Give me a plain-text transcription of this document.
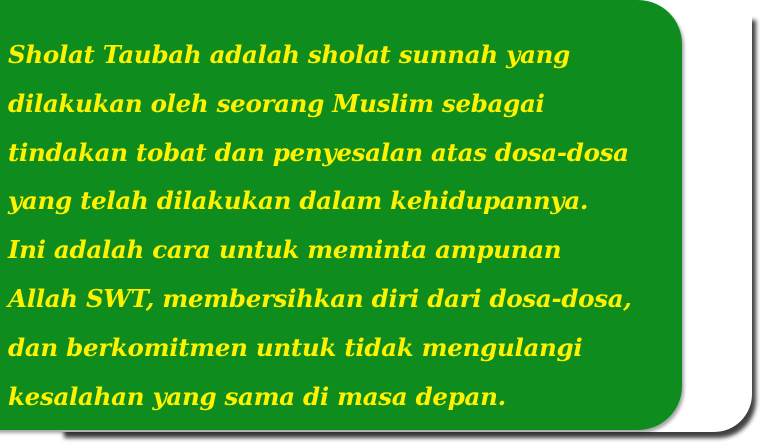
Sholat Taubah adalah sholat sunnah yang
dilakukan oleh seorang Muslim sebagai
tindakan tobat dan penyesalan atas dosa-dosa
yang telah dilakukan dalam kehidupannya.
Ini adalah cara untuk meminta ampunan
Allah SWT, membersihkan diri dari dosa-dosa,
dan berkomitmen untuk tidak mengulangi
kesalahan yang sama di masa depan.
